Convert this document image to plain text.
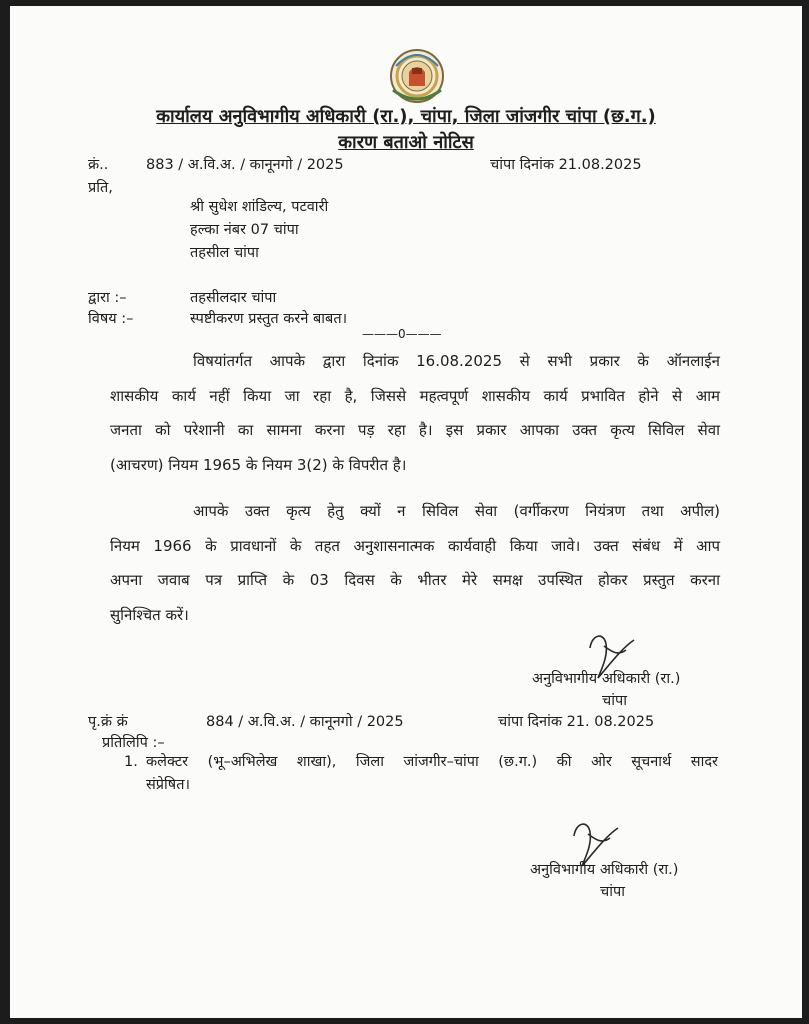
कार्यालय अनुविभागीय अधिकारी (रा.), चांपा, जिला जांजगीर चांपा (छ.ग.)
कारण बताओ नोटिस
क्रं..	883 / अ.वि.अ. / कानूनगो / 2025	चांपा दिनांक 21.08.2025
प्रति,
श्री सुधेश शांडिल्य, पटवारी
हल्का नंबर 07 चांपा
तहसील चांपा
द्वारा :–	तहसीलदार चांपा
विषय :–	स्पष्टीकरण प्रस्तुत करने बाबत।
———0———
विषयांतर्गत आपके द्वारा दिनांक 16.08.2025 से सभी प्रकार के ऑनलाईन
शासकीय कार्य नहीं किया जा रहा है, जिससे महत्वपूर्ण शासकीय कार्य प्रभावित होने से आम
जनता को परेशानी का सामना करना पड़ रहा है। इस प्रकार आपका उक्त कृत्य सिविल सेवा
(आचरण) नियम 1965 के नियम 3(2) के विपरीत है।
आपके उक्त कृत्य हेतु क्यों न सिविल सेवा (वर्गीकरण नियंत्रण तथा अपील)
नियम 1966 के प्रावधानों के तहत अनुशासनात्मक कार्यवाही किया जावे। उक्त संबंध में आप
अपना जवाब पत्र प्राप्ति के 03 दिवस के भीतर मेरे समक्ष उपस्थित होकर प्रस्तुत करना
सुनिश्चित करें।
अनुविभागीय अधिकारी (रा.)
चांपा
पृ.क्रं क्रं	884 / अ.वि.अ. / कानूनगो / 2025	चांपा दिनांक 21. 08.2025
प्रतिलिपि :–
1. कलेक्टर (भू–अभिलेख शाखा), जिला जांजगीर–चांपा (छ.ग.) की ओर सूचनार्थ सादर
संप्रेषित।
अनुविभागीय अधिकारी (रा.)
चांपा
